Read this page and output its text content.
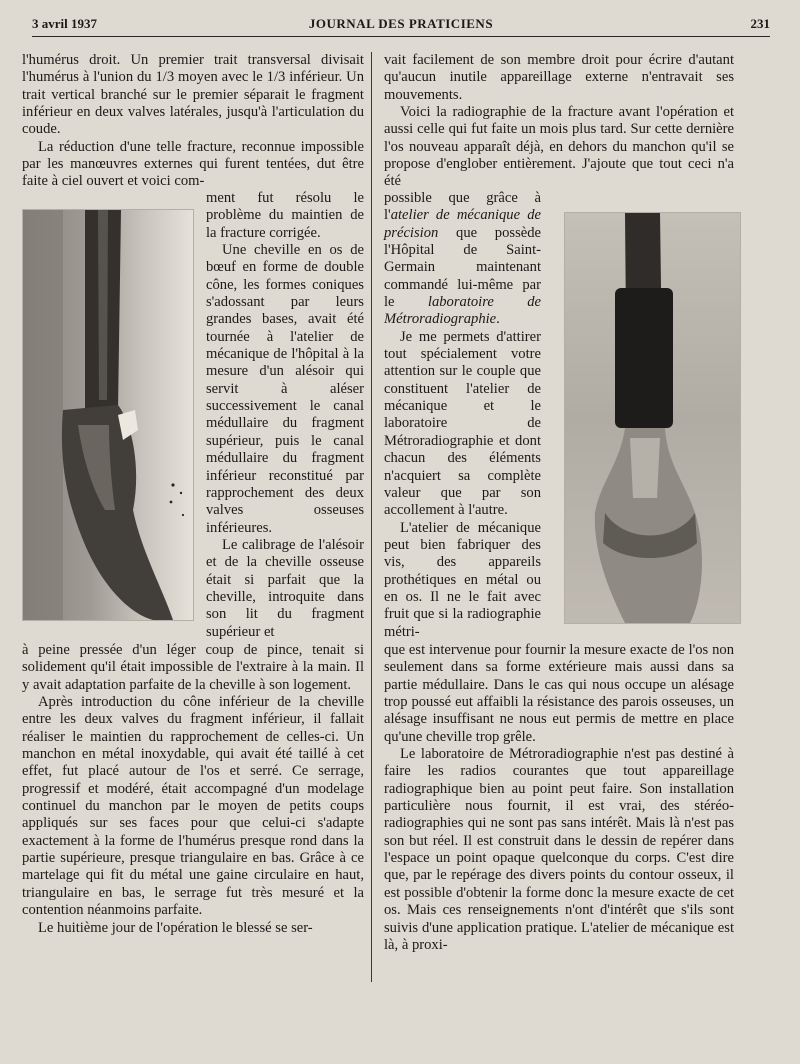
3 avril 1937	JOURNAL DES PRATICIENS	231

l'humérus droit. Un premier trait transversal divisait l'humérus à l'union du 1/3 moyen avec le 1/3 inférieur. Un trait vertical branché sur le premier séparait le fragment inférieur en deux valves latérales, jusqu'à l'articulation du coude.

La réduction d'une telle fracture, reconnue impossible par les manœuvres externes qui furent tentées, dut être faite à ciel ouvert et voici com-

ment fut résolu le problème du maintien de la fracture corrigée.

Une cheville en os de bœuf en forme de double cône, les formes coniques s'adossant par leurs grandes bases, avait été tournée à l'atelier de mécanique de l'hôpital à la mesure d'un alésoir qui servit à aléser successivement le canal médullaire du fragment supérieur, puis le canal médullaire du fragment inférieur reconstitué par rapprochement des deux valves osseuses inférieures.

Le calibrage de l'alésoir et de la cheville osseuse était si parfait que la cheville, introquite dans son lit du fragment supérieur et

à peine pressée d'un léger coup de pince, tenait si solidement qu'il était impossible de l'extraire à la main. Il y avait adaptation parfaite de la cheville à son logement.

Après introduction du cône inférieur de la cheville entre les deux valves du fragment inférieur, il fallait réaliser le maintien du rapprochement de celles-ci. Un manchon en métal inoxydable, qui avait été taillé à cet effet, fut placé autour de l'os et serré. Ce serrage, progressif et modéré, était accompagné d'un modelage continuel du manchon par le moyen de petits coups appliqués sur ses faces pour que celui-ci s'adapte exactement à la forme de l'humérus presque rond dans la partie supérieure, presque triangulaire en bas. Grâce à ce martelage qui fit du métal une gaine circulaire en haut, triangulaire en bas, le serrage fut très mesuré et la contention néanmoins parfaite.

Le huitième jour de l'opération le blessé se ser-

vait facilement de son membre droit pour écrire d'autant qu'aucun inutile appareillage externe n'entravait ses mouvements.

Voici la radiographie de la fracture avant l'opération et aussi celle qui fut faite un mois plus tard. Sur cette dernière l'os nouveau apparaît déjà, en dehors du manchon qu'il se propose d'englober entièrement. J'ajoute que tout ceci n'a été

possible que grâce à l'atelier de mécanique de précision que possède l'Hôpital de Saint-Germain maintenant commandé lui-même par le laboratoire de Métroradiographie.

Je me permets d'attirer tout spécialement votre attention sur le couple que constituent l'atelier de mécanique et le laboratoire de Métroradiographie et dont chacun des éléments n'acquiert sa complète valeur que par son accollement à l'autre.

L'atelier de mécanique peut bien fabriquer des vis, des appareils prothétiques en métal ou en os. Il ne le fait avec fruit que si la radiographie métri-

que est intervenue pour fournir la mesure exacte de l'os non seulement dans sa forme extérieure mais aussi dans sa partie médullaire. Dans le cas qui nous occupe un alésage trop poussé eut affaibli la résistance des parois osseuses, un alésage insuffisant ne nous eut permis de mettre en place qu'une cheville trop grêle.

Le laboratoire de Métroradiographie n'est pas destiné à faire les radios courantes que tout appareillage radiographique bien au point peut faire. Son installation particulière nous fournit, il est vrai, des stéréo-radiographies qui ne sont pas sans intérêt. Mais là n'est pas son but réel. Il est construit dans le dessin de repérer dans l'espace un point opaque quelconque du corps. C'est dire que, par le repérage des divers points du contour osseux, il est possible d'obtenir la forme donc la mesure exacte de cet os. Mais ces renseignements n'ont d'intérêt que s'ils sont suivis d'une application pratique. L'atelier de mécanique est là, à proxi-
